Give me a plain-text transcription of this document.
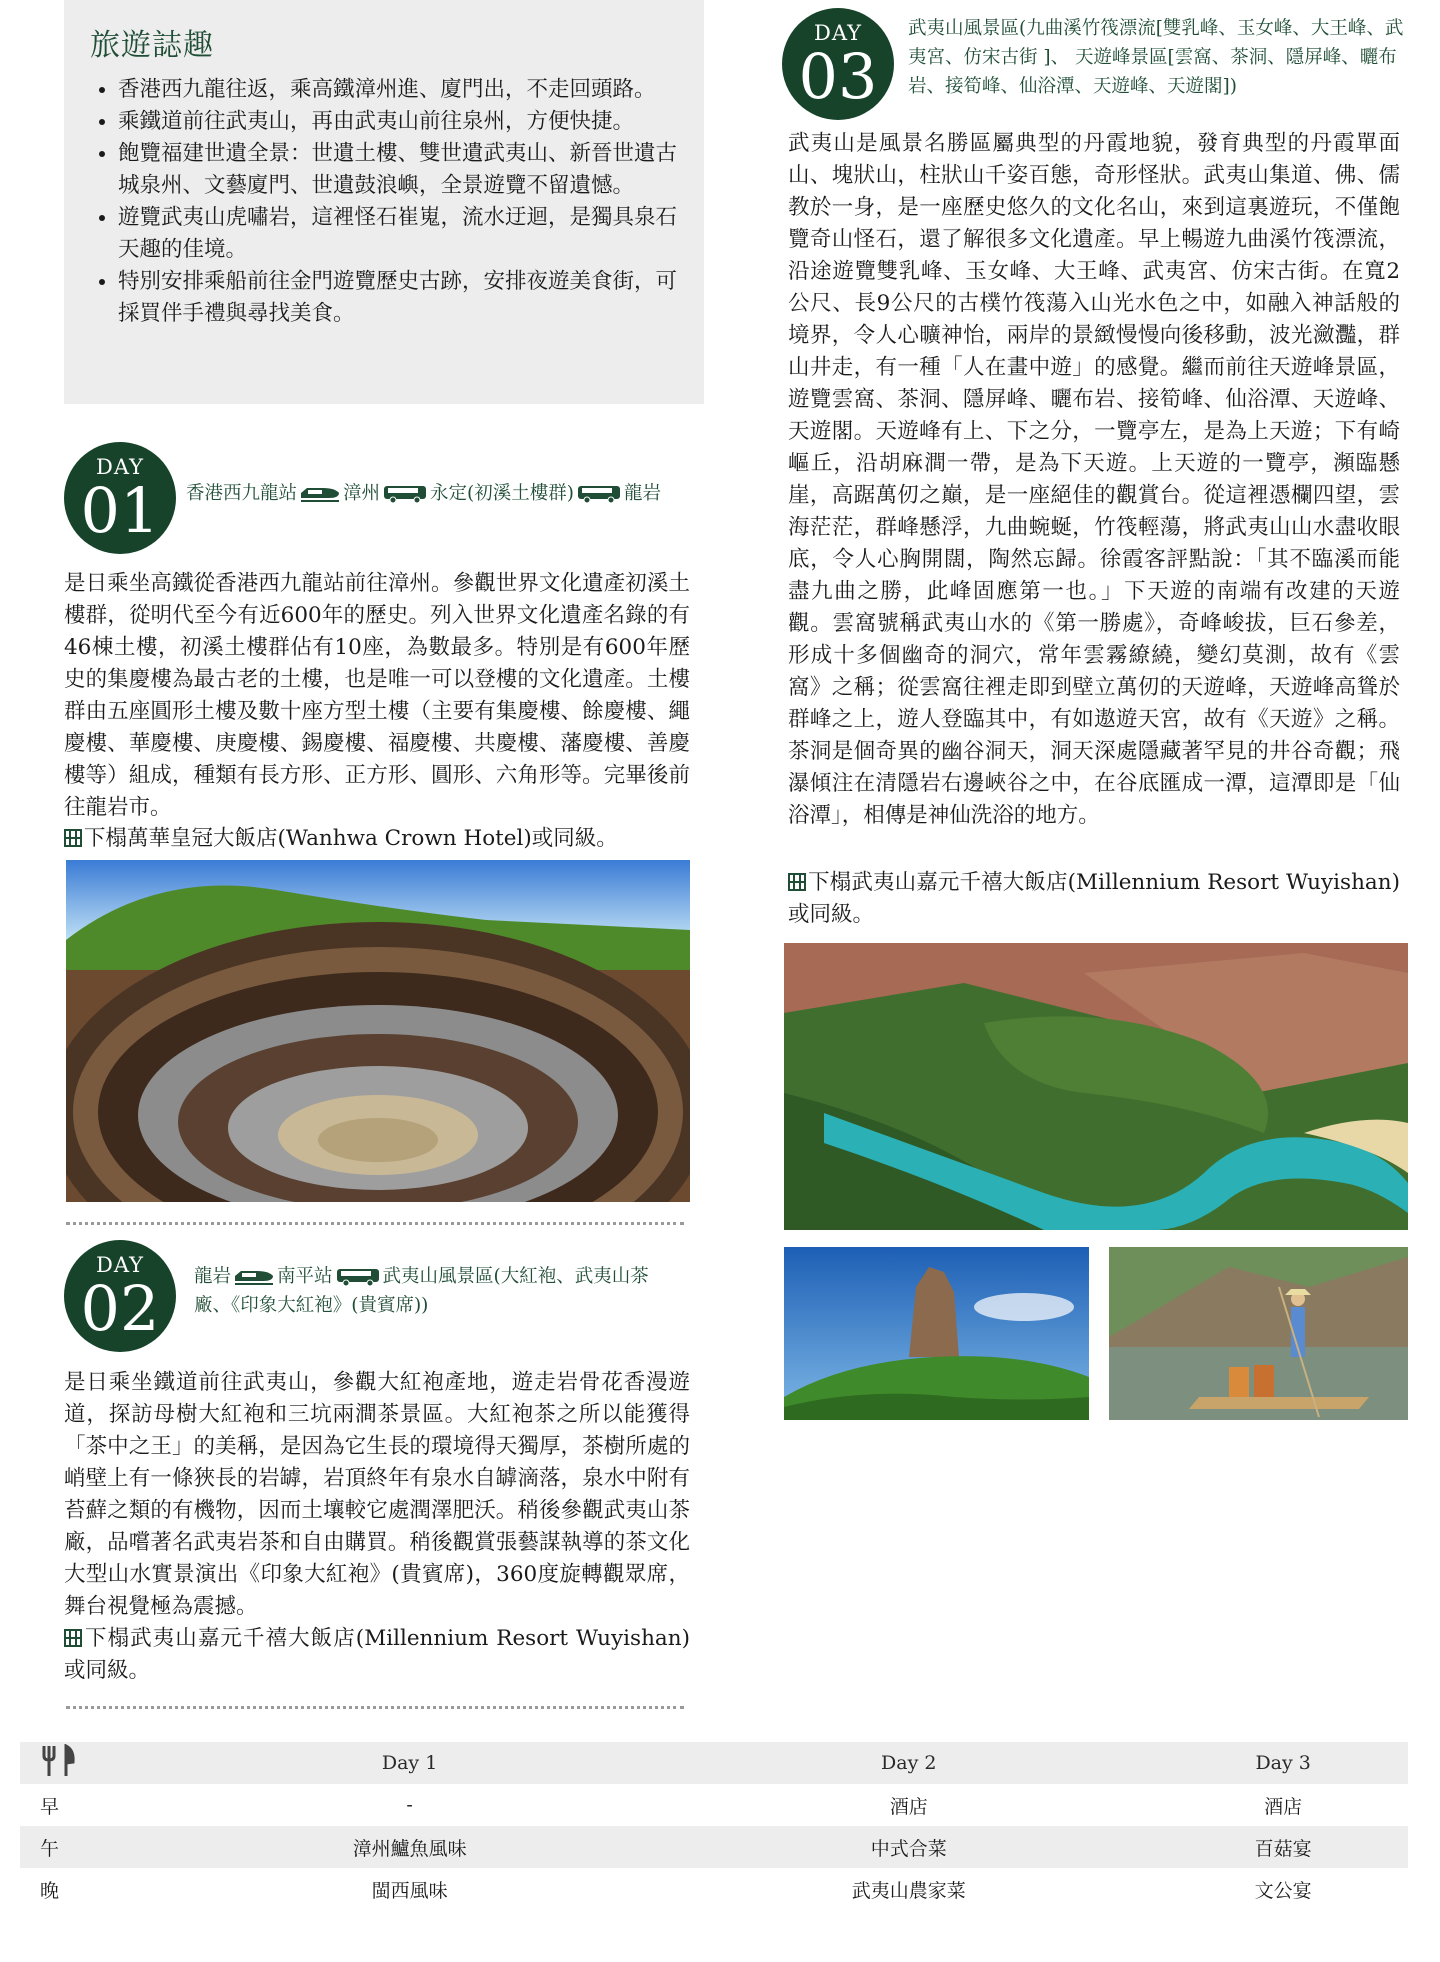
旅遊誌趣
• 香港西九龍往返，乘高鐵漳州進、廈門出，不走回頭路。
• 乘鐵道前往武夷山，再由武夷山前往泉州，方便快捷。
• 飽覽福建世遺全景：世遺土樓、雙世遺武夷山、新晉世遺古城泉州、文藝廈門、世遺鼓浪嶼，全景遊覽不留遺憾。
• 遊覽武夷山虎嘯岩，這裡怪石崔嵬，流水迂迴，是獨具泉石天趣的佳境。
• 特別安排乘船前往金門遊覽歷史古跡，安排夜遊美食街，可採買伴手禮與尋找美食。
DAY
01	香港西九龍站 漳州	永定(初溪土樓群)	龍岩
是日乘坐高鐵從香港西九龍站前往漳州。參觀世界文化遺產初溪土樓群，從明代至今有近600年的歷史。列入世界文化遺產名錄的有46棟土樓，初溪土樓群佔有10座，為數最多。特別是有600年歷史的集慶樓為最古老的土樓，也是唯一可以登樓的文化遺產。土樓群由五座圓形土樓及數十座方型土樓（主要有集慶樓、餘慶樓、繩慶樓、華慶樓、庚慶樓、錫慶樓、福慶樓、共慶樓、藩慶樓、善慶樓等）組成，種類有長方形、正方形、圓形、六角形等。完畢後前往龍岩市。
下榻萬華皇冠大飯店(Wanhwa Crown Hotel)或同級。
DAY
02	龍岩 南平站	武夷山風景區(大紅袍、武夷山茶廠、《印象大紅袍》(貴賓席))
是日乘坐鐵道前往武夷山，參觀大紅袍產地，遊走岩骨花香漫遊道，探訪母樹大紅袍和三坑兩澗茶景區。大紅袍茶之所以能獲得「茶中之王」的美稱，是因為它生長的環境得天獨厚，茶樹所處的峭壁上有一條狹長的岩罅，岩頂終年有泉水自罅滴落，泉水中附有苔蘚之類的有機物，因而土壤較它處潤澤肥沃。稍後參觀武夷山茶廠，品嚐著名武夷岩茶和自由購買。稍後觀賞張藝謀執導的茶文化大型山水實景演出《印象大紅袍》(貴賓席)，360度旋轉觀眾席，舞台視覺極為震撼。
下榻武夷山嘉元千禧大飯店(Millennium Resort Wuyishan)或同級。
DAY
03
武夷山風景區(九曲溪竹筏漂流[雙乳峰、玉女峰、大王峰、武夷宮、仿宋古街 ]、 天遊峰景區[雲窩、茶洞、隱屏峰、曬布岩、接筍峰、仙浴潭、天遊峰、天遊閣])
武夷山是風景名勝區屬典型的丹霞地貌，發育典型的丹霞單面山、塊狀山，柱狀山千姿百態，奇形怪狀。武夷山集道、佛、儒教於一身，是一座歷史悠久的文化名山，來到這裏遊玩，不僅飽覽奇山怪石，還了解很多文化遺產。早上暢遊九曲溪竹筏漂流，沿途遊覽雙乳峰、玉女峰、大王峰、武夷宮、仿宋古街。在寬2公尺、長9公尺的古樸竹筏蕩入山光水色之中，如融入神話般的境界，令人心曠神怡，兩岸的景緻慢慢向後移動，波光瀲灩，群山井走，有一種「人在畫中遊」的感覺。繼而前往天遊峰景區，遊覽雲窩、茶洞、隱屏峰、曬布岩、接筍峰、仙浴潭、天遊峰、天遊閣。天遊峰有上、下之分，一覽亭左，是為上天遊；下有崎嶇丘，沿胡麻澗一帶，是為下天遊。上天遊的一覽亭，瀕臨懸崖，高踞萬仞之巔，是一座絕佳的觀賞台。從這裡憑欄四望，雲海茫茫，群峰懸浮，九曲蜿蜒，竹筏輕蕩，將武夷山山水盡收眼底，令人心胸開闊，陶然忘歸。徐霞客評點說：「其不臨溪而能盡九曲之勝，此峰固應第一也。」下天遊的南端有改建的天遊觀。雲窩號稱武夷山水的《第一勝處》，奇峰峻拔，巨石參差，形成十多個幽奇的洞穴，常年雲霧繚繞，變幻莫測，故有《雲窩》之稱；從雲窩往裡走即到壁立萬仞的天遊峰，天遊峰高聳於群峰之上，遊人登臨其中，有如遨遊天宮，故有《天遊》之稱。茶洞是個奇異的幽谷洞天，洞天深處隱藏著罕見的井谷奇觀；飛瀑傾注在清隱岩右邊峽谷之中，在谷底匯成一潭，這潭即是「仙浴潭」，相傳是神仙洗浴的地方。
下榻武夷山嘉元千禧大飯店(Millennium Resort Wuyishan)或同級。
	Day 1	Day 2	Day 3
早	-	酒店	酒店
午	漳州鱸魚風味	中式合菜	百菇宴
晚	閩西風味	武夷山農家菜	文公宴
